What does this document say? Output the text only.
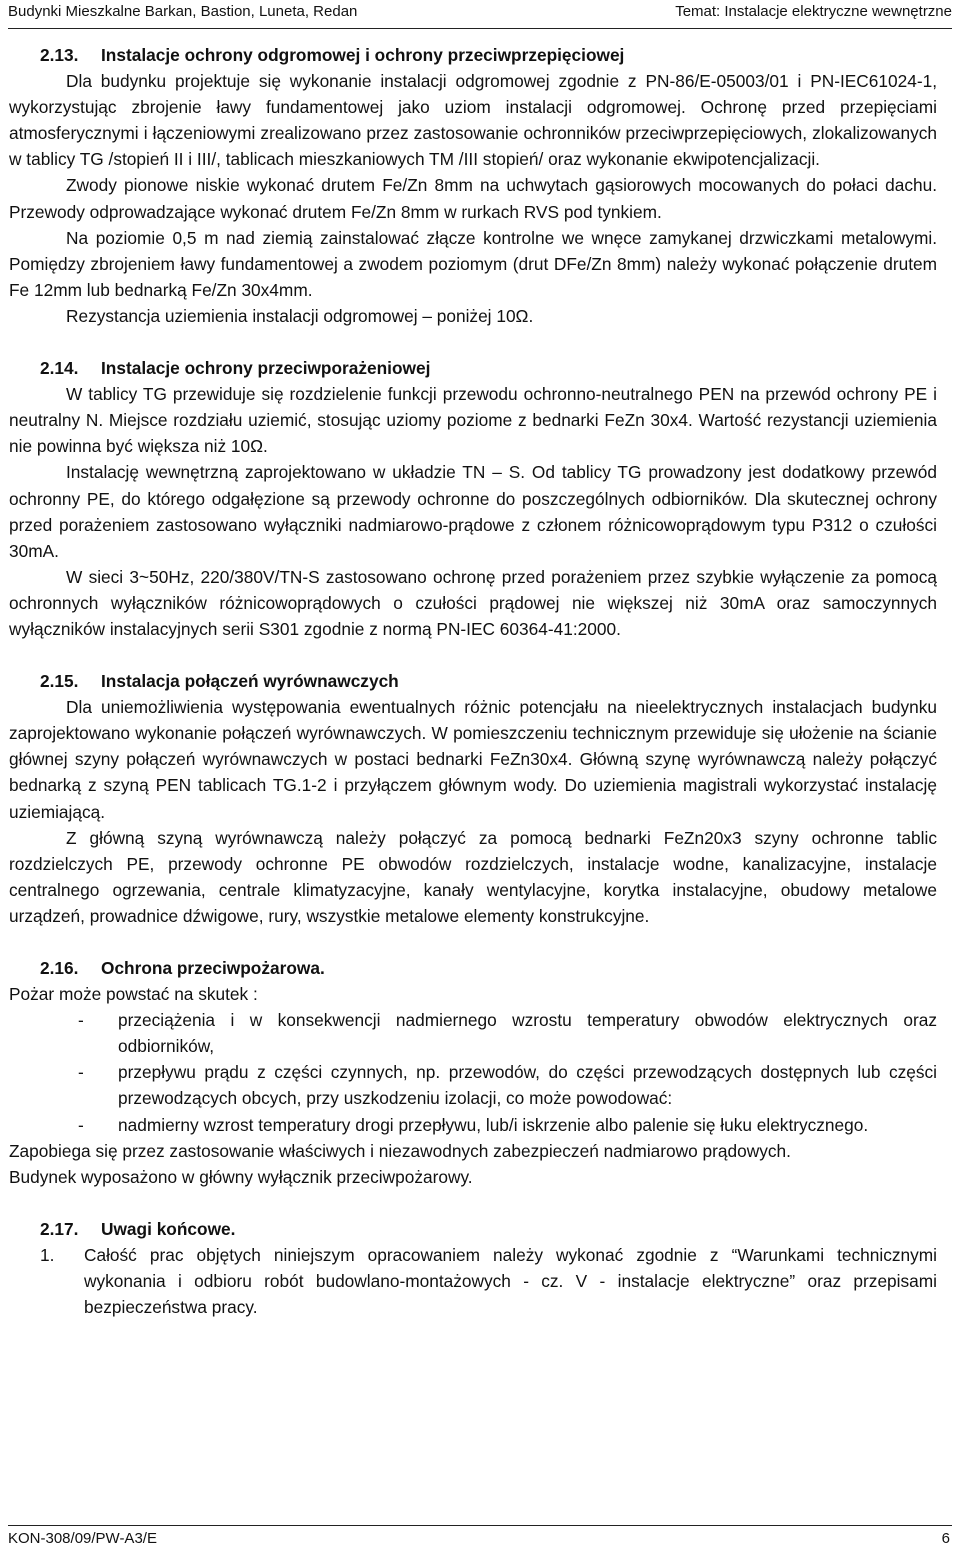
Budynki Mieszkalne Barkan, Bastion, Luneta, Redan	Temat: Instalacje elektryczne wewnętrzne
2.13. Instalacje ochrony odgromowej i ochrony przeciwprzepięciowej

Dla budynku projektuje się wykonanie instalacji odgromowej zgodnie z PN-86/E-05003/01 i PN-IEC61024-1, wykorzystując zbrojenie ławy fundamentowej jako uziom instalacji odgromowej. Ochronę przed przepięciami atmosferycznymi i łączeniowymi zrealizowano przez zastosowanie ochronników przeciwprzepięciowych, zlokalizowanych w tablicy TG /stopień II i III/, tablicach mieszkaniowych TM /III stopień/ oraz wykonanie ekwipotencjalizacji.

Zwody pionowe niskie wykonać drutem Fe/Zn 8mm na uchwytach gąsiorowych mocowanych do połaci dachu. Przewody odprowadzające wykonać drutem Fe/Zn 8mm w rurkach RVS pod tynkiem.

Na poziomie 0,5 m nad ziemią zainstalować złącze kontrolne we wnęce zamykanej drzwiczkami metalowymi. Pomiędzy zbrojeniem ławy fundamentowej a zwodem poziomym (drut DFe/Zn 8mm) należy wykonać połączenie drutem Fe 12mm lub bednarką Fe/Zn 30x4mm.

Rezystancja uziemienia instalacji odgromowej – poniżej 10Ω.

2.14. Instalacje ochrony przeciwporażeniowej

W tablicy TG przewiduje się rozdzielenie funkcji przewodu ochronno-neutralnego PEN na przewód ochrony PE i neutralny N. Miejsce rozdziału uziemić, stosując uziomy poziome z bednarki FeZn 30x4. Wartość rezystancji uziemienia nie powinna być większa niż 10Ω.

Instalację wewnętrzną zaprojektowano w układzie TN – S. Od tablicy TG prowadzony jest dodatkowy przewód ochronny PE, do którego odgałęzione są przewody ochronne do poszczególnych odbiorników. Dla skutecznej ochrony przed porażeniem zastosowano wyłączniki nadmiarowo-prądowe z członem różnicowoprądowym typu P312 o czułości 30mA.

W sieci 3~50Hz, 220/380V/TN-S zastosowano ochronę przed porażeniem przez szybkie wyłączenie za pomocą ochronnych wyłączników różnicowoprądowych o czułości prądowej nie większej niż 30mA oraz samoczynnych wyłączników instalacyjnych serii S301 zgodnie z normą PN-IEC 60364-41:2000.

2.15. Instalacja połączeń wyrównawczych

Dla uniemożliwienia występowania ewentualnych różnic potencjału na nieelektrycznych instalacjach budynku zaprojektowano wykonanie połączeń wyrównawczych. W pomieszczeniu technicznym przewiduje się ułożenie na ścianie głównej szyny połączeń wyrównawczych w postaci bednarki FeZn30x4. Główną szynę wyrównawczą należy połączyć bednarką z szyną PEN tablicach TG.1-2 i przyłączem głównym wody. Do uziemienia magistrali wykorzystać instalację uziemiającą.

Z główną szyną wyrównawczą należy połączyć za pomocą bednarki FeZn20x3 szyny ochronne tablic rozdzielczych PE, przewody ochronne PE obwodów rozdzielczych, instalacje wodne, kanalizacyjne, instalacje centralnego ogrzewania, centrale klimatyzacyjne, kanały wentylacyjne, korytka instalacyjne, obudowy metalowe urządzeń, prowadnice dźwigowe, rury, wszystkie metalowe elementy konstrukcyjne.

2.16. Ochrona przeciwpożarowa.

Pożar może powstać na skutek :

- przeciążenia i w konsekwencji nadmiernego wzrostu temperatury obwodów elektrycznych oraz odbiorników,
- przepływu prądu z części czynnych, np. przewodów, do części przewodzących dostępnych lub części przewodzących obcych, przy uszkodzeniu izolacji, co może powodować:
- nadmierny wzrost temperatury drogi przepływu, lub/i iskrzenie albo palenie się łuku elektrycznego.

Zapobiega się przez zastosowanie właściwych i niezawodnych zabezpieczeń nadmiarowo prądowych.

Budynek wyposażono w główny wyłącznik przeciwpożarowy.

2.17. Uwagi końcowe.
1. Całość prac objętych niniejszym opracowaniem należy wykonać zgodnie z “Warunkami technicznymi wykonania i odbioru robót budowlano-montażowych - cz. V - instalacje elektryczne” oraz przepisami bezpieczeństwa pracy.
KON-308/09/PW-A3/E	6
